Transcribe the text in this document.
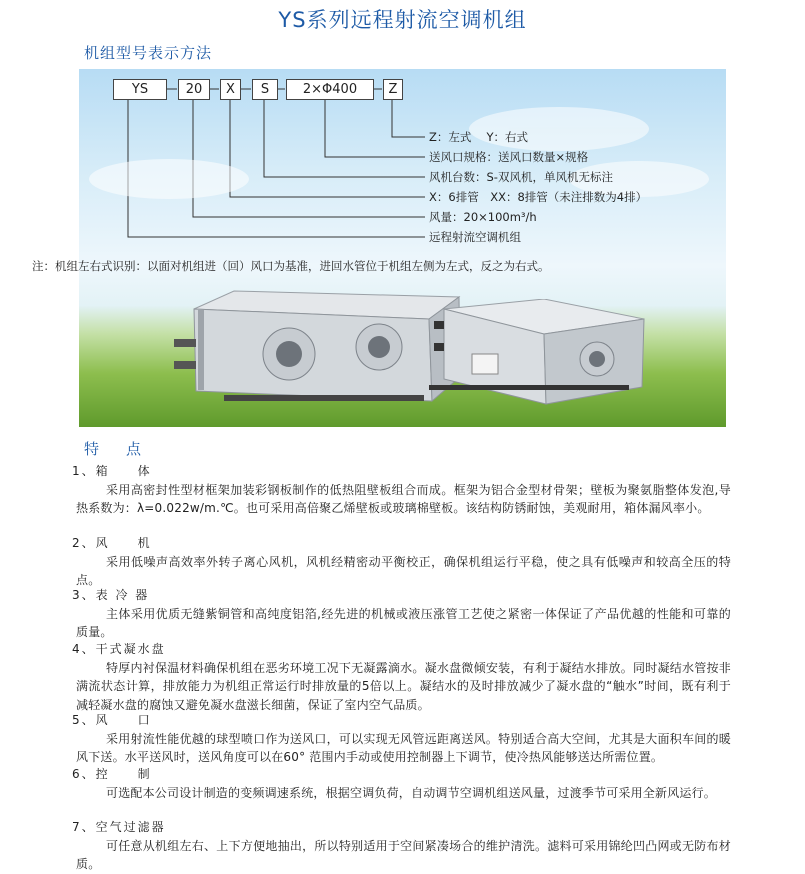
YS系列远程射流空调机组
机组型号表示方法
YS	20	X	S	2×Φ400	Z
Z：左式　 Y：右式
送风口规格：送风口数量×规格
风机台数：S-双风机，单风机无标注
X：6排管　XX：8排管（未注排数为4排）
风量：20×100m³/h
远程射流空调机组
注：机组左右式识别：以面对机组进（回）风口为基准，进回水管位于机组左侧为左式，反之为右式。
特　点
1、箱　　体
采用高密封性型材框架加装彩钢板制作的低热阻壁板组合而成。框架为铝合金型材骨架；壁板为聚氨脂整体发泡,导热系数为：λ=0.022w/m.℃。也可采用高倍聚乙烯壁板或玻璃棉壁板。该结构防锈耐蚀，美观耐用，箱体漏风率小。
2、风　　机
采用低噪声高效率外转子离心风机，风机经精密动平衡校正，确保机组运行平稳，使之具有低噪声和较高全压的特点。
3、表 冷 器
主体采用优质无缝紫铜管和高纯度铝箔,经先进的机械或液压涨管工艺使之紧密一体保证了产品优越的性能和可靠的质量。
4、干式凝水盘
特厚内衬保温材料确保机组在恶劣环境工况下无凝露滴水。凝水盘微倾安装，有利于凝结水排放。同时凝结水管按非满流状态计算，排放能力为机组正常运行时排放量的5倍以上。凝结水的及时排放减少了凝水盘的“触水”时间，既有利于减轻凝水盘的腐蚀又避免凝水盘滋长细菌，保证了室内空气品质。
5、风　　口
采用射流性能优越的球型喷口作为送风口，可以实现无风管远距离送风。特别适合高大空间，尤其是大面积车间的暖风下送。水平送风时，送风角度可以在60° 范围内手动或使用控制器上下调节，使冷热风能够送达所需位置。
6、控　　制
可选配本公司设计制造的变频调速系统，根据空调负荷，自动调节空调机组送风量，过渡季节可采用全新风运行。
7、空气过滤器
可任意从机组左右、上下方便地抽出，所以特别适用于空间紧凑场合的维护清洗。滤料可采用锦纶凹凸网或无防布材质。
